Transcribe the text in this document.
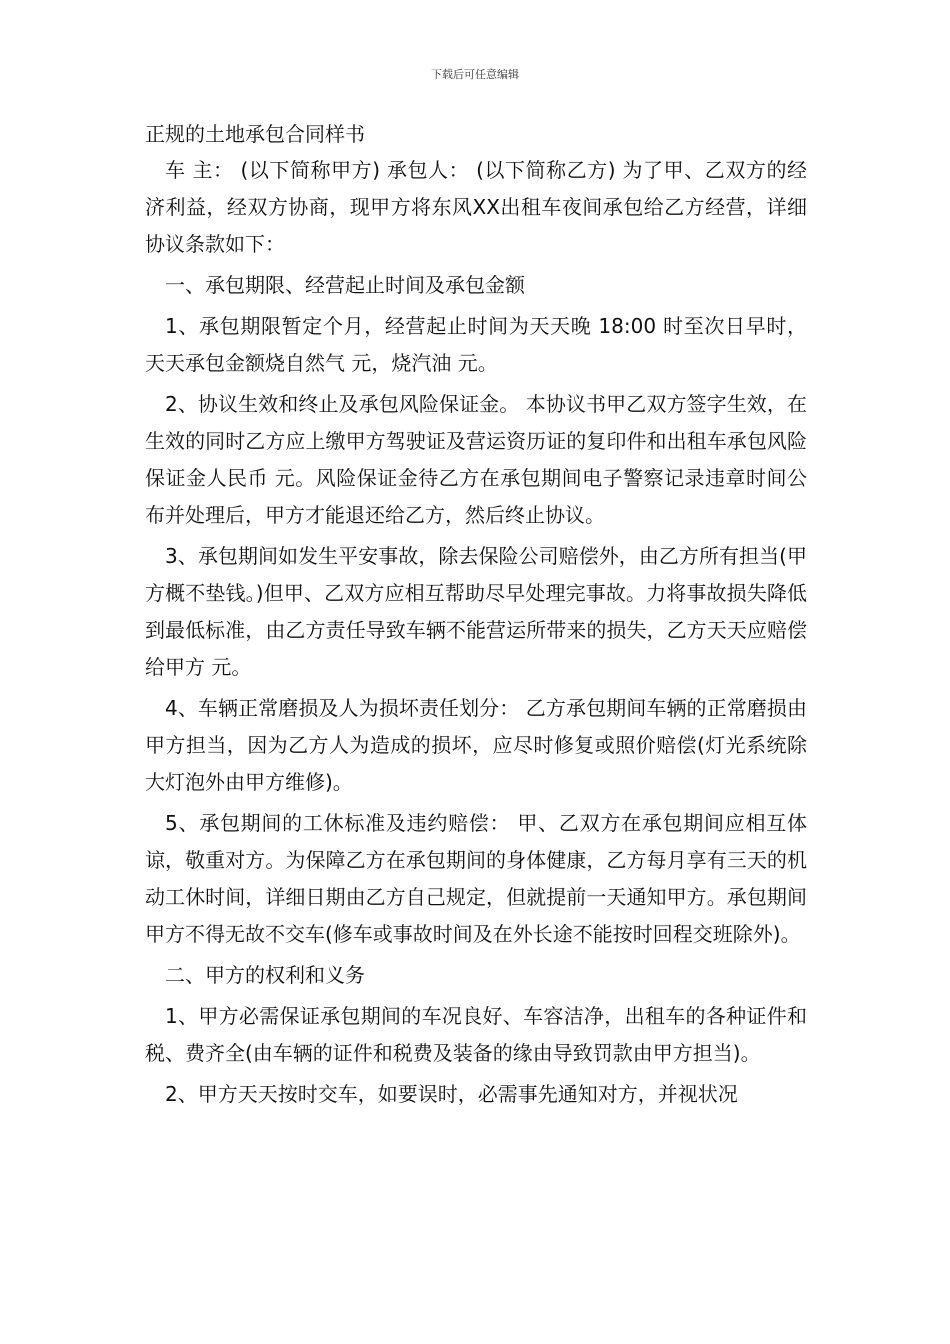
下载后可任意编辑
正规的土地承包合同样书

车 主： (以下简称甲方) 承包人： (以下简称乙方) 为了甲、乙双方的经济利益，经双方协商，现甲方将东风XX出租车夜间承包给乙方经营，详细协议条款如下：

一、承包期限、经营起止时间及承包金额

1、承包期限暂定个月，经营起止时间为天天晚 18:00 时至次日早时，天天承包金额烧自然气 元，烧汽油 元。

2、协议生效和终止及承包风险保证金。 本协议书甲乙双方签字生效，在生效的同时乙方应上缴甲方驾驶证及营运资历证的复印件和出租车承包风险保证金人民币 元。风险保证金待乙方在承包期间电子警察记录违章时间公布并处理后，甲方才能退还给乙方，然后终止协议。

3、承包期间如发生平安事故，除去保险公司赔偿外，由乙方所有担当(甲方概不垫钱。)但甲、乙双方应相互帮助尽早处理完事故。力将事故损失降低到最低标准，由乙方责任导致车辆不能营运所带来的损失，乙方天天应赔偿给甲方 元。

4、车辆正常磨损及人为损坏责任划分： 乙方承包期间车辆的正常磨损由甲方担当，因为乙方人为造成的损坏，应尽时修复或照价赔偿(灯光系统除大灯泡外由甲方维修)。

5、承包期间的工休标准及违约赔偿： 甲、乙双方在承包期间应相互体谅，敬重对方。为保障乙方在承包期间的身体健康，乙方每月享有三天的机动工休时间，详细日期由乙方自己规定，但就提前一天通知甲方。承包期间甲方不得无故不交车(修车或事故时间及在外长途不能按时回程交班除外)。

二、甲方的权利和义务

1、甲方必需保证承包期间的车况良好、车容洁净，出租车的各种证件和税、费齐全(由车辆的证件和税费及装备的缘由导致罚款由甲方担当)。

2、甲方天天按时交车，如要误时，必需事先通知对方，并视状况
